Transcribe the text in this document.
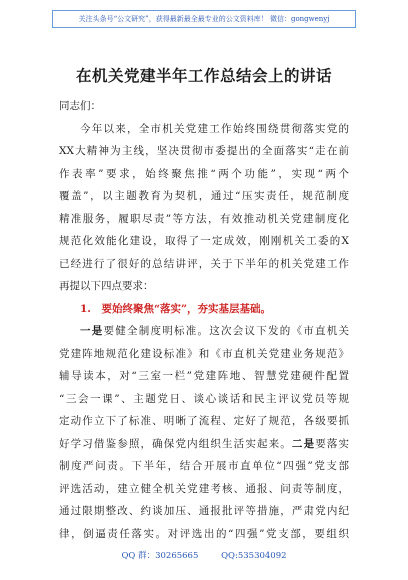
关注头条号“公文研究”，获得最新最全最专业的公文资料库！ 微信：gongwenyj
在机关党建半年工作总结会上的讲话
同志们：
今年以来，全市机关党建工作始终围绕贯彻落实党的
XX大精神为主线，坚决贯彻市委提出的全面落实“走在前
作表率”要求，始终聚焦推“两个功能”，实现“两个
覆盖”，以主题教育为契机，通过“压实责任，规范制度
精准服务，履职尽责”等方法，有效推动机关党建制度化
规范化效能化建设，取得了一定成效，刚刚机关工委的X
已经进行了很好的总结讲评，关于下半年的机关党建工作
再提以下四点要求：
1.　要始终聚焦“落实”，夯实基层基础。
一是要健全制度明标准。这次会议下发的《市直机关
党建阵地规范化建设标准》和《市直机关党建业务规范》
辅导读本，对“三室一栏”党建阵地、智慧党建硬件配置
“三会一课”、主题党日、谈心谈话和民主评议党员等规
定动作立下了标准、明晰了流程、定好了规范，各级要抓
好学习借鉴参照，确保党内组织生活实起来。二是要落实
制度严问责。下半年，结合开展市直单位“四强”党支部
评选活动，建立健全机关党建考核、通报、问责等制度，
通过限期整改、约谈加压、通报批评等措施，严肃党内纪
律，倒逼责任落实。对评选出的“四强”党支部，要组织
QQ 群：30265665	QQ:535304092
